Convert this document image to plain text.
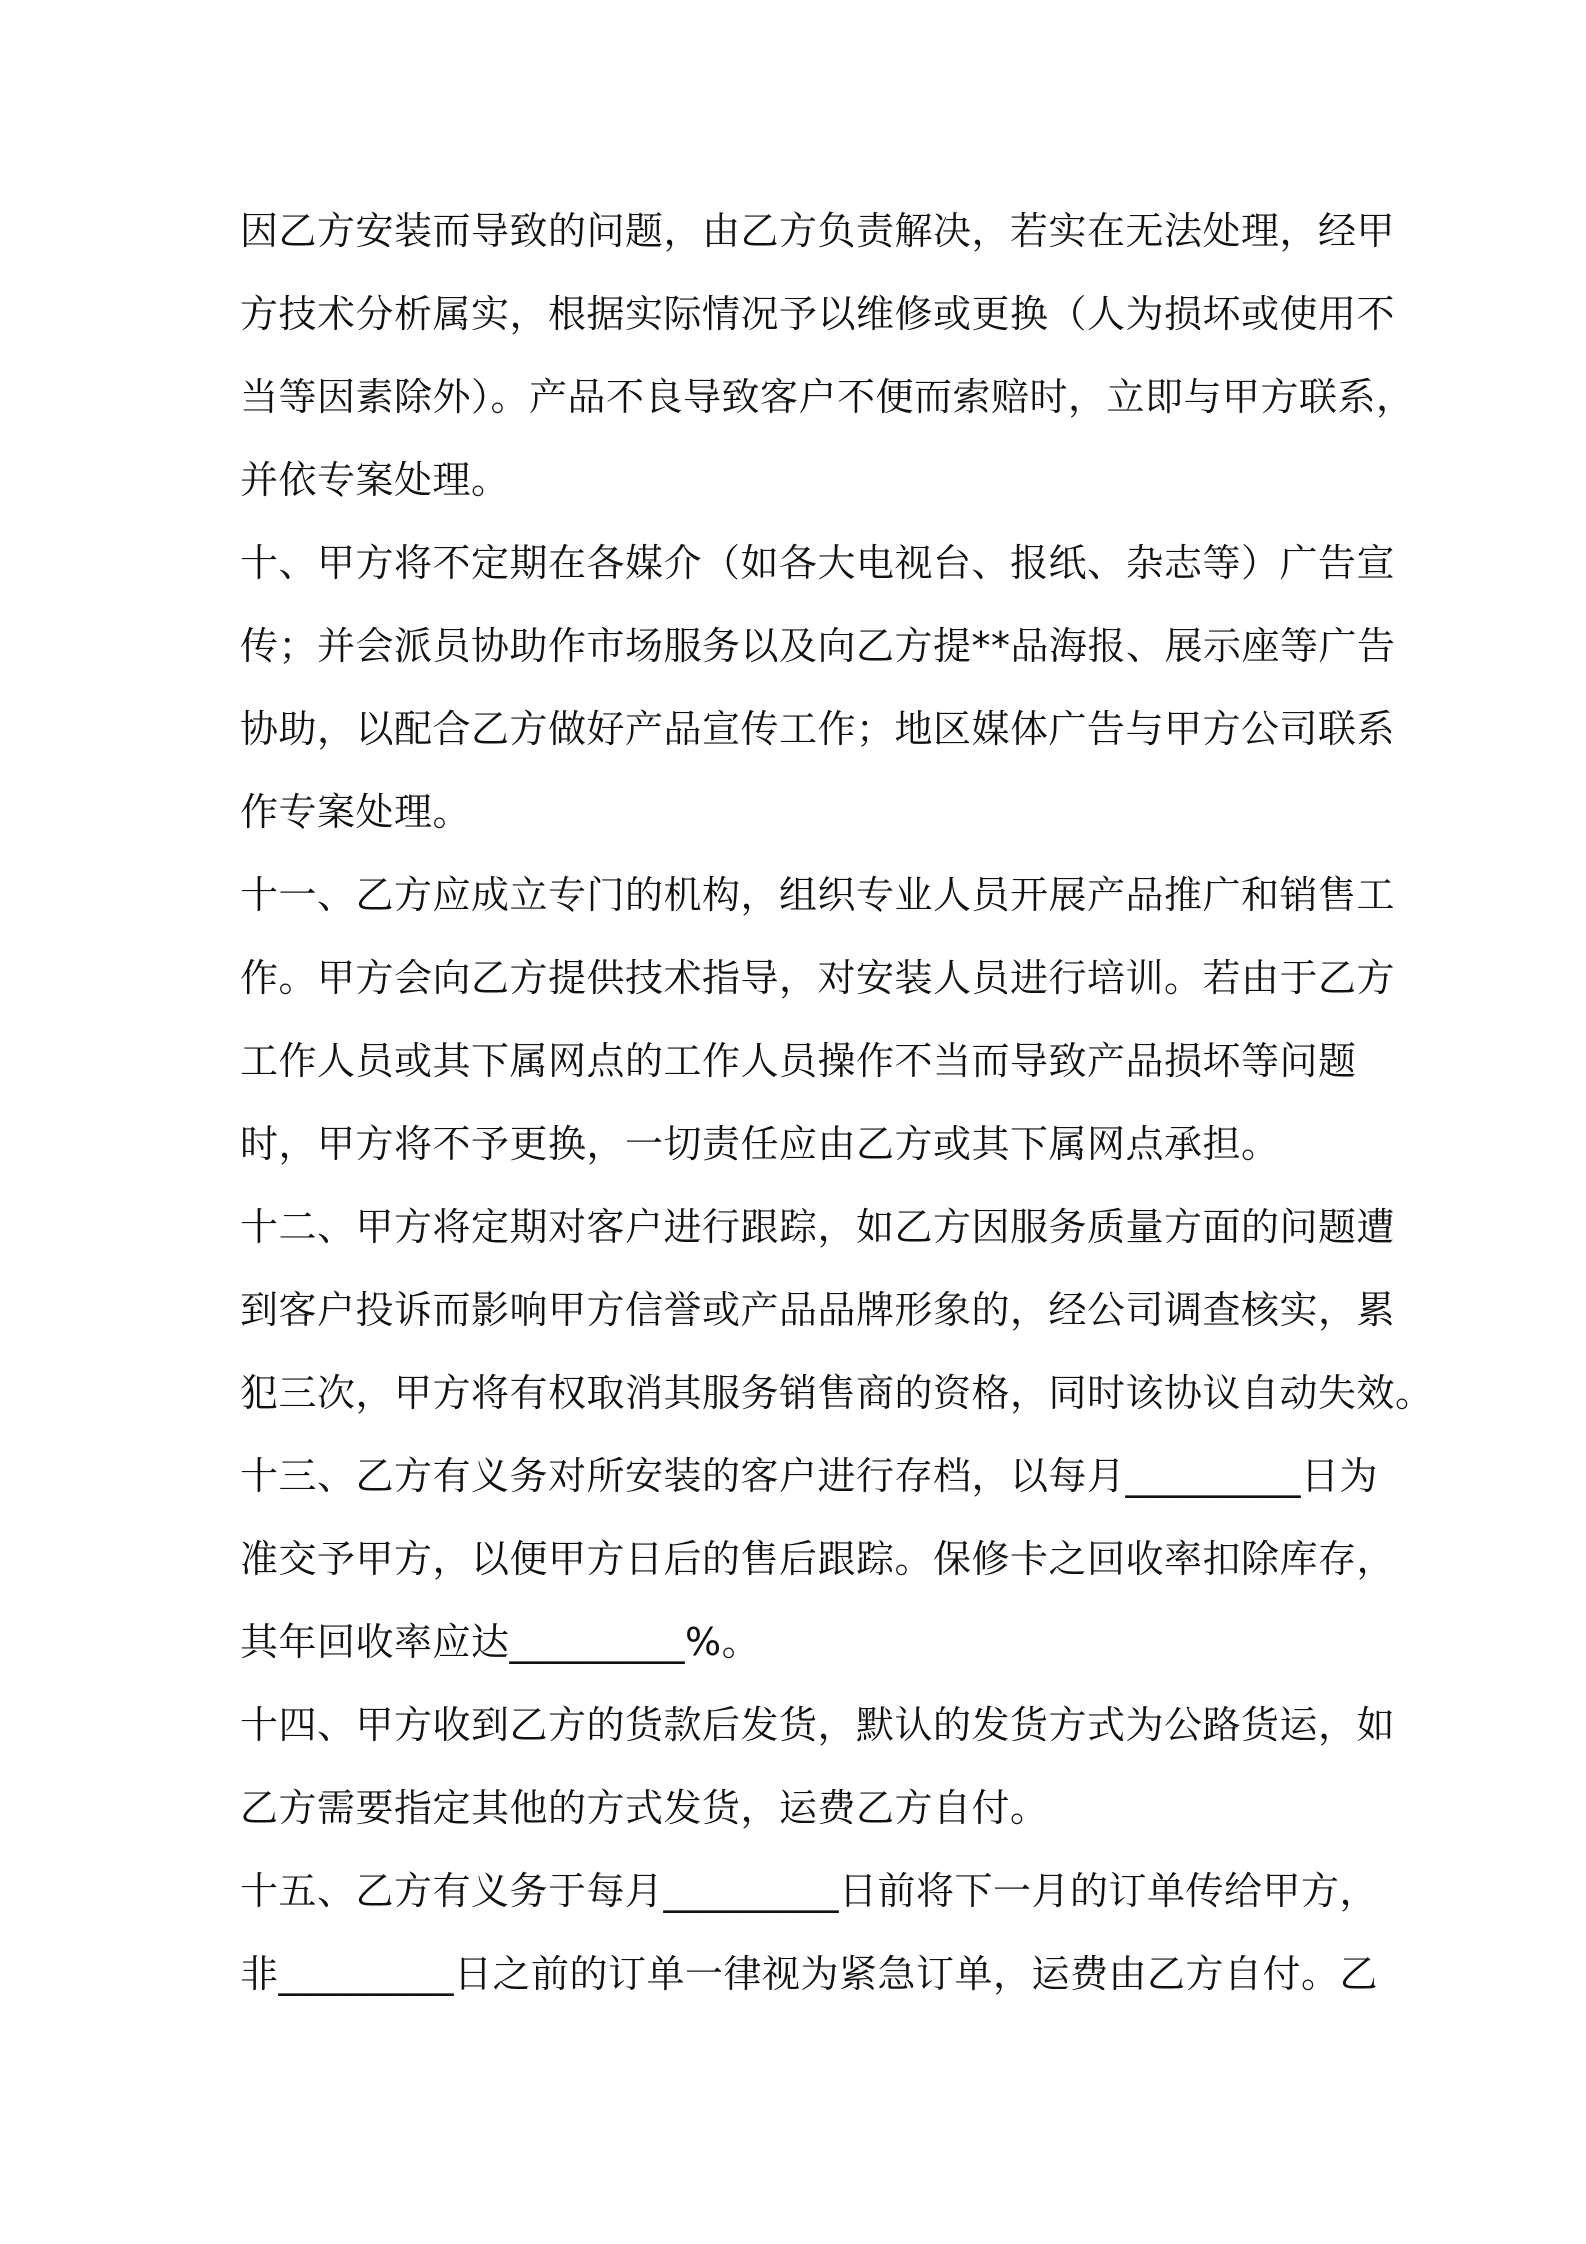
因乙方安装而导致的问题，由乙方负责解决，若实在无法处理，经甲
方技术分析属实，根据实际情况予以维修或更换（人为损坏或使用不
当等因素除外）。产品不良导致客户不便而索赔时，立即与甲方联系，
并依专案处理。
十、甲方将不定期在各媒介（如各大电视台、报纸、杂志等）广告宣
传；并会派员协助作市场服务以及向乙方提**品海报、展示座等广告
协助，以配合乙方做好产品宣传工作；地区媒体广告与甲方公司联系
作专案处理。
十一、乙方应成立专门的机构，组织专业人员开展产品推广和销售工
作。甲方会向乙方提供技术指导，对安装人员进行培训。若由于乙方
工作人员或其下属网点的工作人员操作不当而导致产品损坏等问题
时，甲方将不予更换，一切责任应由乙方或其下属网点承担。
十二、甲方将定期对客户进行跟踪，如乙方因服务质量方面的问题遭
到客户投诉而影响甲方信誉或产品品牌形象的，经公司调查核实，累
犯三次，甲方将有权取消其服务销售商的资格，同时该协议自动失效。
十三、乙方有义务对所安装的客户进行存档，以每月_________日为
准交予甲方，以便甲方日后的售后跟踪。保修卡之回收率扣除库存，
其年回收率应达_________%。
十四、甲方收到乙方的货款后发货，默认的发货方式为公路货运，如
乙方需要指定其他的方式发货，运费乙方自付。
十五、乙方有义务于每月_________日前将下一月的订单传给甲方，
非_________日之前的订单一律视为紧急订单，运费由乙方自付。乙
